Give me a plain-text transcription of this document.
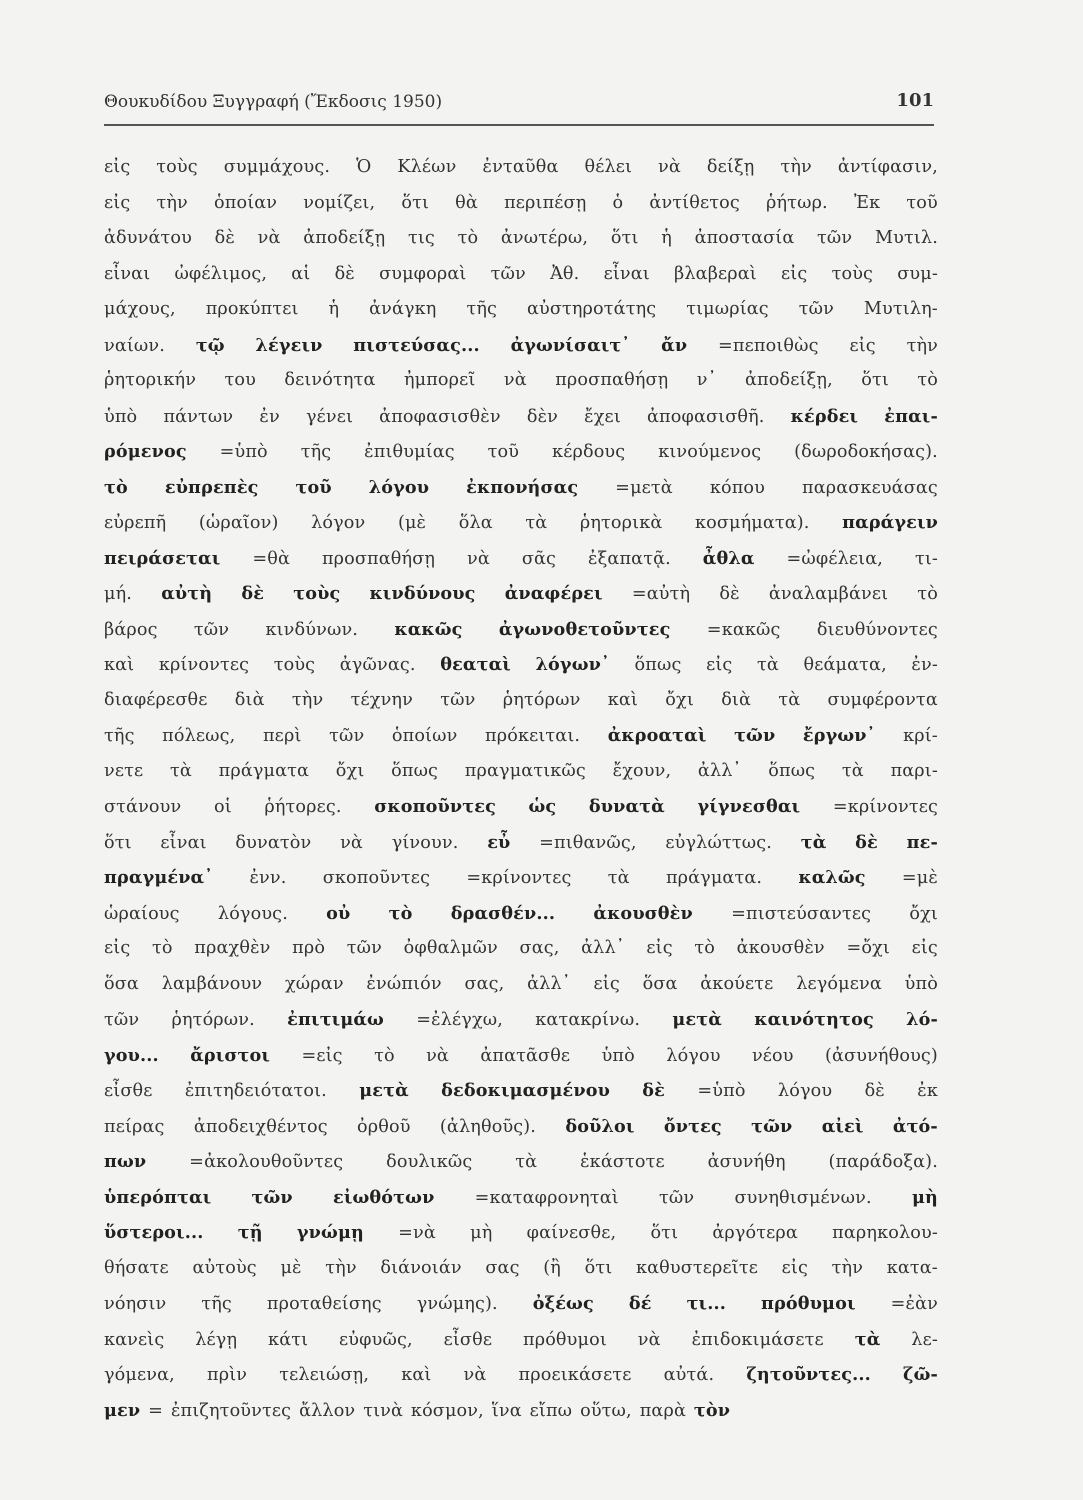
Θουκυδίδου Ξυγγραφή (Ἔκδοσις 1950)	101
εἰς τοὺς συμμάχους. Ὁ Κλέων ἐνταῦθα θέλει νὰ δείξῃ τὴν ἀντίφασιν,
εἰς τὴν ὁποίαν νομίζει, ὅτι θὰ περιπέσῃ ὁ ἀντίθετος ῥήτωρ. Ἐκ τοῦ
ἀδυνάτου δὲ νὰ ἀποδείξῃ τις τὸ ἀνωτέρω, ὅτι ἡ ἀποστασία τῶν Μυτιλ.
εἶναι ὠφέλιμος, αἱ δὲ συμφοραὶ τῶν Ἀθ. εἶναι βλαβεραὶ εἰς τοὺς συμ-
μάχους, προκύπτει ἡ ἀνάγκη τῆς αὐστηροτάτης τιμωρίας τῶν Μυτιλη-
ναίων. τῷ λέγειν πιστεύσας... ἀγωνίσαιτ᾽ ἄν =πεποιθὼς εἰς τὴν
ῥητορικήν του δεινότητα ἠμπορεῖ νὰ προσπαθήσῃ ν᾽ ἀποδείξῃ, ὅτι τὸ
ὑπὸ πάντων ἐν γένει ἀποφασισθὲν δὲν ἔχει ἀποφασισθῆ. κέρδει ἐπαι-
ρόμενος =ὑπὸ τῆς ἐπιθυμίας τοῦ κέρδους κινούμενος (δωροδοκήσας).
τὸ εὐπρεπὲς τοῦ λόγου ἐκπονήσας =μετὰ κόπου παρασκευάσας
εὐρεπῆ (ὡραῖον) λόγον (μὲ ὅλα τὰ ῥητορικὰ κοσμήματα). παράγειν
πειράσεται =θὰ προσπαθήσῃ νὰ σᾶς ἐξαπατᾷ. ἆθλα =ὠφέλεια, τι-
μή. αὐτὴ δὲ τοὺς κινδύνους ἀναφέρει =αὐτὴ δὲ ἀναλαμβάνει τὸ
βάρος τῶν κινδύνων. κακῶς ἀγωνοθετοῦντες =κακῶς διευθύνοντες
καὶ κρίνοντες τοὺς ἀγῶνας. θεαταὶ λόγων᾽ ὅπως εἰς τὰ θεάματα, ἐν-
διαφέρεσθε διὰ τὴν τέχνην τῶν ῥητόρων καὶ ὄχι διὰ τὰ συμφέροντα
τῆς πόλεως, περὶ τῶν ὁποίων πρόκειται. ἀκροαταὶ τῶν ἔργων᾽ κρί-
νετε τὰ πράγματα ὄχι ὅπως πραγματικῶς ἔχουν, ἀλλ᾽ ὅπως τὰ παρι-
στάνουν οἱ ῥήτορες. σκοποῦντες ὡς δυνατὰ γίγνεσθαι =κρίνοντες
ὅτι εἶναι δυνατὸν νὰ γίνουν. εὖ =πιθανῶς, εὐγλώττως. τὰ δὲ πε-
πραγμένα᾽ ἐνν. σκοποῦντες =κρίνοντες τὰ πράγματα. καλῶς =μὲ
ὡραίους λόγους. οὐ τὸ δρασθέν... ἀκουσθὲν =πιστεύσαντες ὄχι
εἰς τὸ πραχθὲν πρὸ τῶν ὀφθαλμῶν σας, ἀλλ᾽ εἰς τὸ ἀκουσθὲν =ὄχι εἰς
ὅσα λαμβάνουν χώραν ἐνώπιόν σας, ἀλλ᾽ εἰς ὅσα ἀκούετε λεγόμενα ὑπὸ
τῶν ῥητόρων. ἐπιτιμάω =ἐλέγχω, κατακρίνω. μετὰ καινότητος λό-
γου... ἄριστοι =εἰς τὸ νὰ ἀπατᾶσθε ὑπὸ λόγου νέου (ἀσυνήθους)
εἶσθε ἐπιτηδειότατοι. μετὰ δεδοκιμασμένου δὲ =ὑπὸ λόγου δὲ ἐκ
πείρας ἀποδειχθέντος ὀρθοῦ (ἀληθοῦς). δοῦλοι ὄντες τῶν αἰεὶ ἀτό-
πων =ἀκολουθοῦντες δουλικῶς τὰ ἑκάστοτε ἀσυνήθη (παράδοξα).
ὑπερόπται τῶν εἰωθότων =καταφρονηταὶ τῶν συνηθισμένων. μὴ
ὕστεροι... τῇ γνώμῃ =νὰ μὴ φαίνεσθε, ὅτι ἀργότερα παρηκολου-
θήσατε αὐτοὺς μὲ τὴν διάνοιάν σας (ἢ ὅτι καθυστερεῖτε εἰς τὴν κατα-
νόησιν τῆς προταθείσης γνώμης). ὀξέως δέ τι... πρόθυμοι =ἐὰν
κανεὶς λέγῃ κάτι εὐφυῶς, εἶσθε πρόθυμοι νὰ ἐπιδοκιμάσετε τὰ λε-
γόμενα, πρὶν τελειώσῃ, καὶ νὰ προεικάσετε αὐτά. ζητοῦντες... ζῶ-
μεν = ἐπιζητοῦντες ἄλλον τινὰ κόσμον, ἵνα εἴπω οὕτω, παρὰ τὸν
